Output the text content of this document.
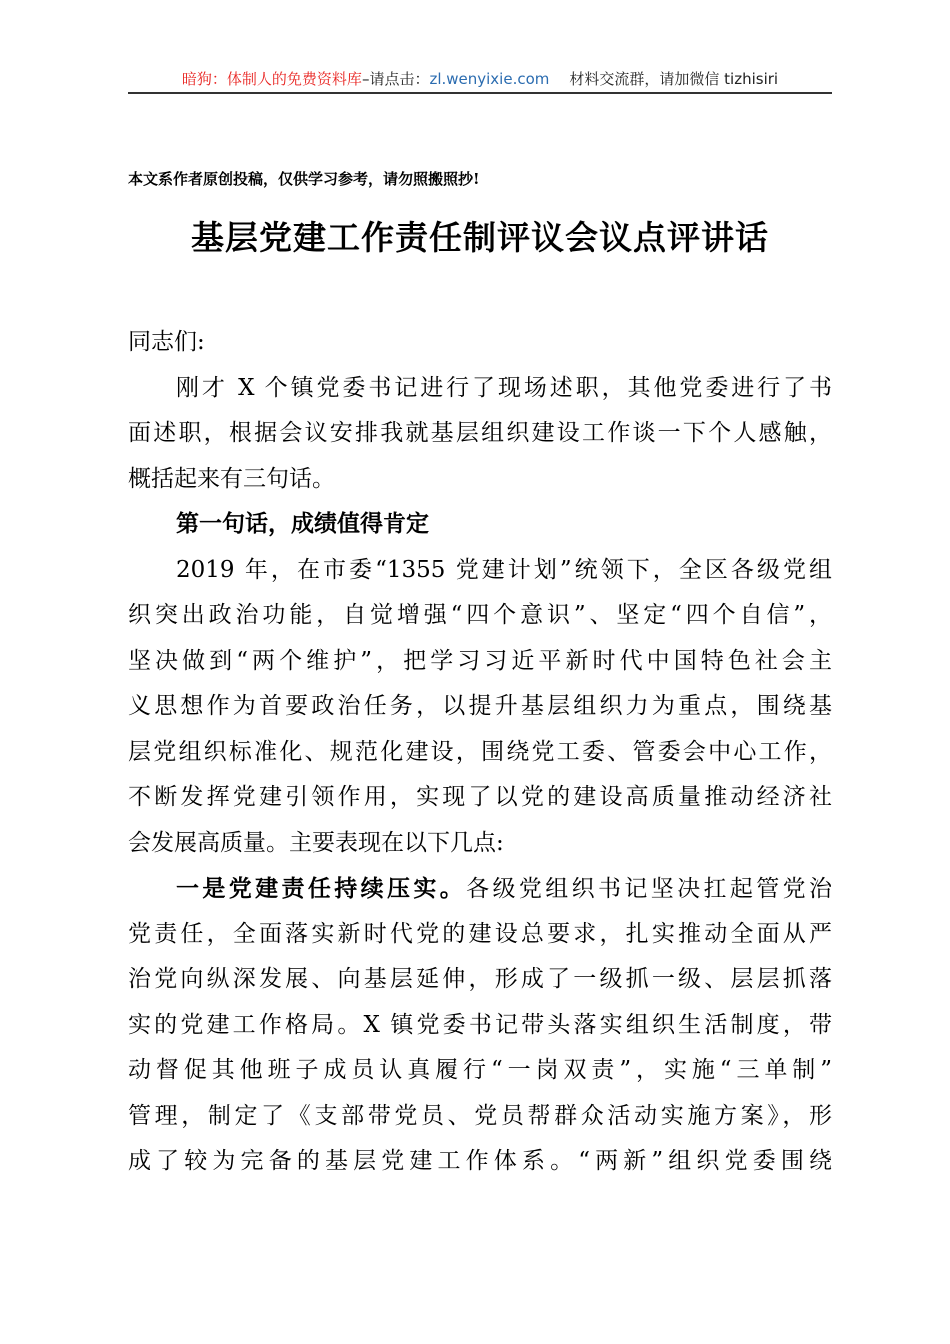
暗狗：体制人的免费资料库–请点击：zl.wenyixie.com 材料交流群，请加微信 tizhisiri
本文系作者原创投稿，仅供学习参考，请勿照搬照抄!
基层党建工作责任制评议会议点评讲话
同志们:
刚才 X 个镇党委书记进行了现场述职，其他党委进行了书
面述职，根据会议安排我就基层组织建设工作谈一下个人感触，
概括起来有三句话。
第一句话，成绩值得肯定
2019 年，在市委“1355 党建计划”统领下，全区各级党组
织突出政治功能，自觉增强“四个意识”、坚定“四个自信”，
坚决做到“两个维护”，把学习习近平新时代中国特色社会主
义思想作为首要政治任务，以提升基层组织力为重点，围绕基
层党组织标准化、规范化建设，围绕党工委、管委会中心工作，
不断发挥党建引领作用，实现了以党的建设高质量推动经济社
会发展高质量。主要表现在以下几点:
一是党建责任持续压实。各级党组织书记坚决扛起管党治
党责任，全面落实新时代党的建设总要求，扎实推动全面从严
治党向纵深发展、向基层延伸，形成了一级抓一级、层层抓落
实的党建工作格局。X 镇党委书记带头落实组织生活制度，带
动督促其他班子成员认真履行“一岗双责”，实施“三单制”
管理，制定了《支部带党员、党员帮群众活动实施方案》，形
成了较为完备的基层党建工作体系。“两新”组织党委围绕
